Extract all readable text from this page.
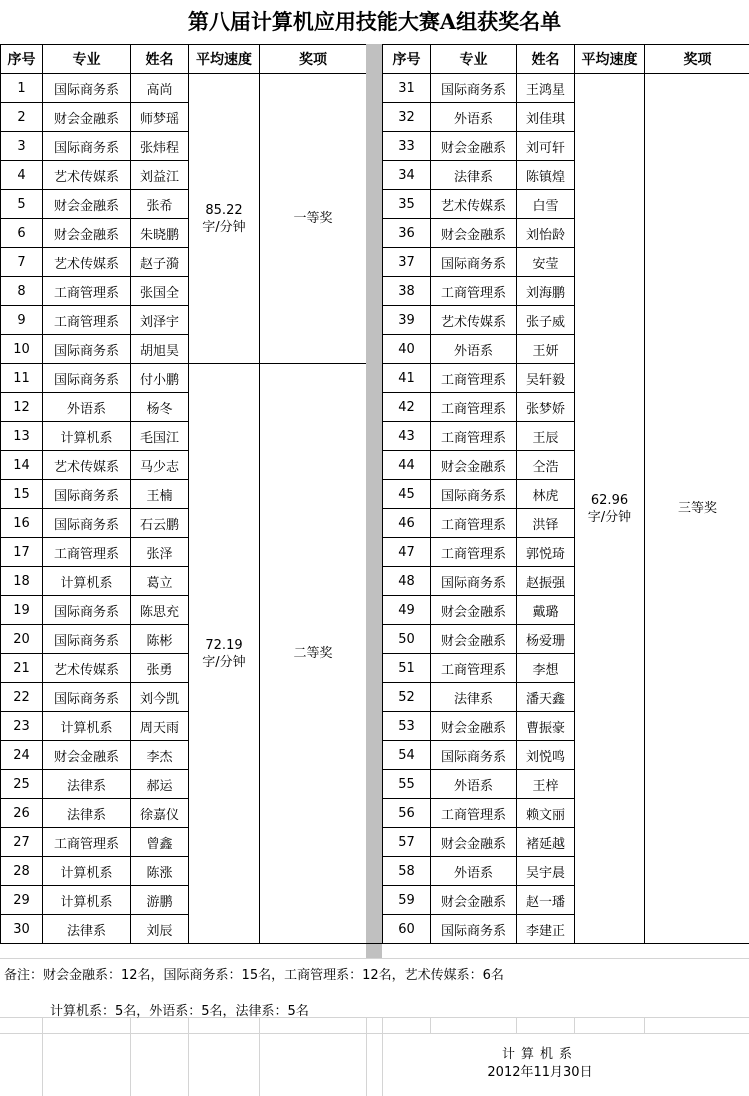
第八届计算机应用技能大赛A组获奖名单
序号	专业	姓名	平均速度	奖项
1	国际商务系	高尚	85.22
字/分钟	一等奖
2	财会金融系	师梦瑶		
3	国际商务系	张炜程		
4	艺术传媒系	刘益江		
5	财会金融系	张希		
6	财会金融系	朱晓鹏		
7	艺术传媒系	赵子漪		
8	工商管理系	张国全		
9	工商管理系	刘泽宇		
10	国际商务系	胡旭昊		
11	国际商务系	付小鹏	72.19
字/分钟	二等奖
12	外语系	杨冬		
13	计算机系	毛国江		
14	艺术传媒系	马少志		
15	国际商务系	王楠		
16	国际商务系	石云鹏		
17	工商管理系	张泽		
18	计算机系	葛立		
19	国际商务系	陈思充		
20	国际商务系	陈彬		
21	艺术传媒系	张勇		
22	国际商务系	刘今凯		
23	计算机系	周天雨		
24	财会金融系	李杰		
25	法律系	郝运		
26	法律系	徐嘉仪		
27	工商管理系	曾鑫		
28	计算机系	陈涨		
29	计算机系	游鹏		
30	法律系	刘辰		
序号	专业	姓名	平均速度	奖项
31	国际商务系	王鸿星	62.96
字/分钟	三等奖
32	外语系	刘佳琪		
33	财会金融系	刘可轩		
34	法律系	陈镇煌		
35	艺术传媒系	白雪		
36	财会金融系	刘怡龄		
37	国际商务系	安莹		
38	工商管理系	刘海鹏		
39	艺术传媒系	张子威		
40	外语系	王妍		
41	工商管理系	吴轩毅		
42	工商管理系	张梦娇		
43	工商管理系	王辰		
44	财会金融系	仝浩		
45	国际商务系	林虎		
46	工商管理系	洪铎		
47	工商管理系	郭悦琦		
48	国际商务系	赵振强		
49	财会金融系	戴璐		
50	财会金融系	杨爱珊		
51	工商管理系	李想		
52	法律系	潘天鑫		
53	财会金融系	曹振豪		
54	国际商务系	刘悦鸣		
55	外语系	王梓		
56	工商管理系	赖文丽		
57	财会金融系	褚延越		
58	外语系	吴宇晨		
59	财会金融系	赵一璠		
60	国际商务系	李建正		
备注：财会金融系：12名，国际商务系：15名，工商管理系：12名，艺术传媒系：6名
计算机系：5名，外语系：5名，法律系：5名
计算机系
2012年11月30日
